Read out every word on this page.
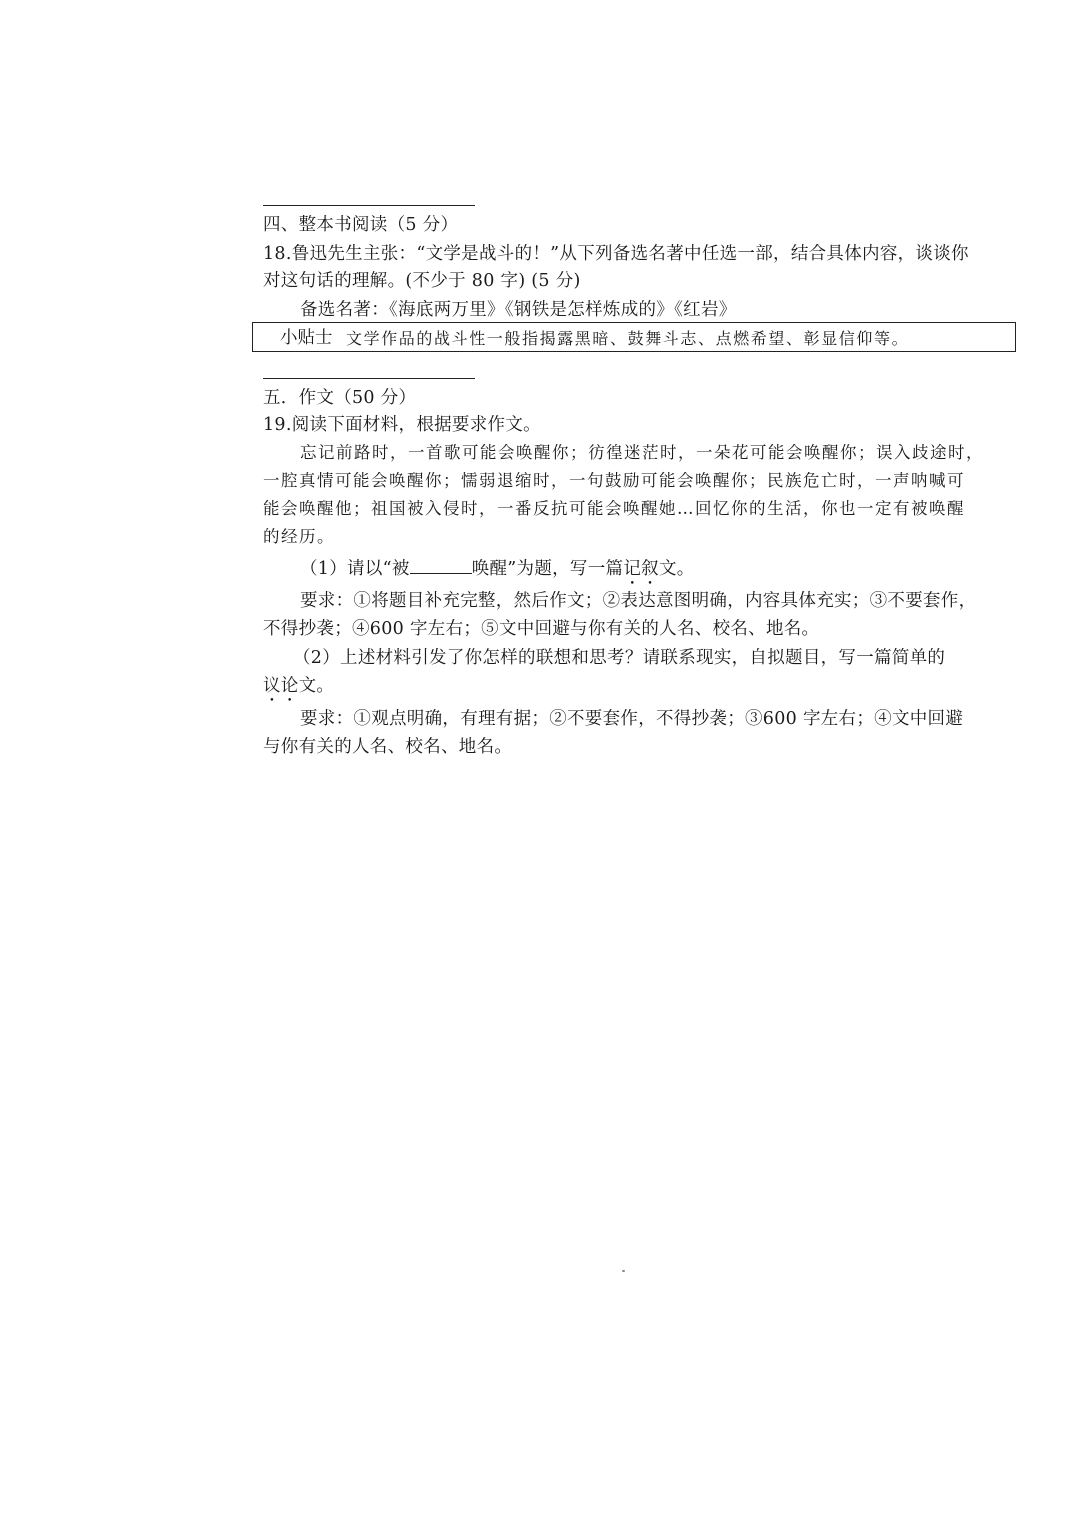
四、整本书阅读（5 分）
18.鲁迅先生主张：“文学是战斗的！”从下列备选名著中任选一部，结合具体内容，谈谈你
对这句话的理解。(不少于 80 字) (5 分)
备选名著：《海底两万里》《钢铁是怎样炼成的》《红岩》
小贴士 文学作品的战斗性一般指揭露黑暗、鼓舞斗志、点燃希望、彰显信仰等。
五．作文（50 分）
19.阅读下面材料，根据要求作文。
忘记前路时，一首歌可能会唤醒你；彷徨迷茫时，一朵花可能会唤醒你；误入歧途时，
一腔真情可能会唤醒你；懦弱退缩时，一句鼓励可能会唤醒你；民族危亡时，一声呐喊可
能会唤醒他；祖国被入侵时，一番反抗可能会唤醒她…回忆你的生活，你也一定有被唤醒
的经历。
（1）请以“被	唤醒”为题，写一篇记叙文。
要求：①将题目补充完整，然后作文；②表达意图明确，内容具体充实；③不要套作，
不得抄袭；④600 字左右；⑤文中回避与你有关的人名、校名、地名。
（2）上述材料引发了你怎样的联想和思考？请联系现实，自拟题目，写一篇简单的
议论文。
要求：①观点明确，有理有据；②不要套作，不得抄袭；③600 字左右；④文中回避
与你有关的人名、校名、地名。
